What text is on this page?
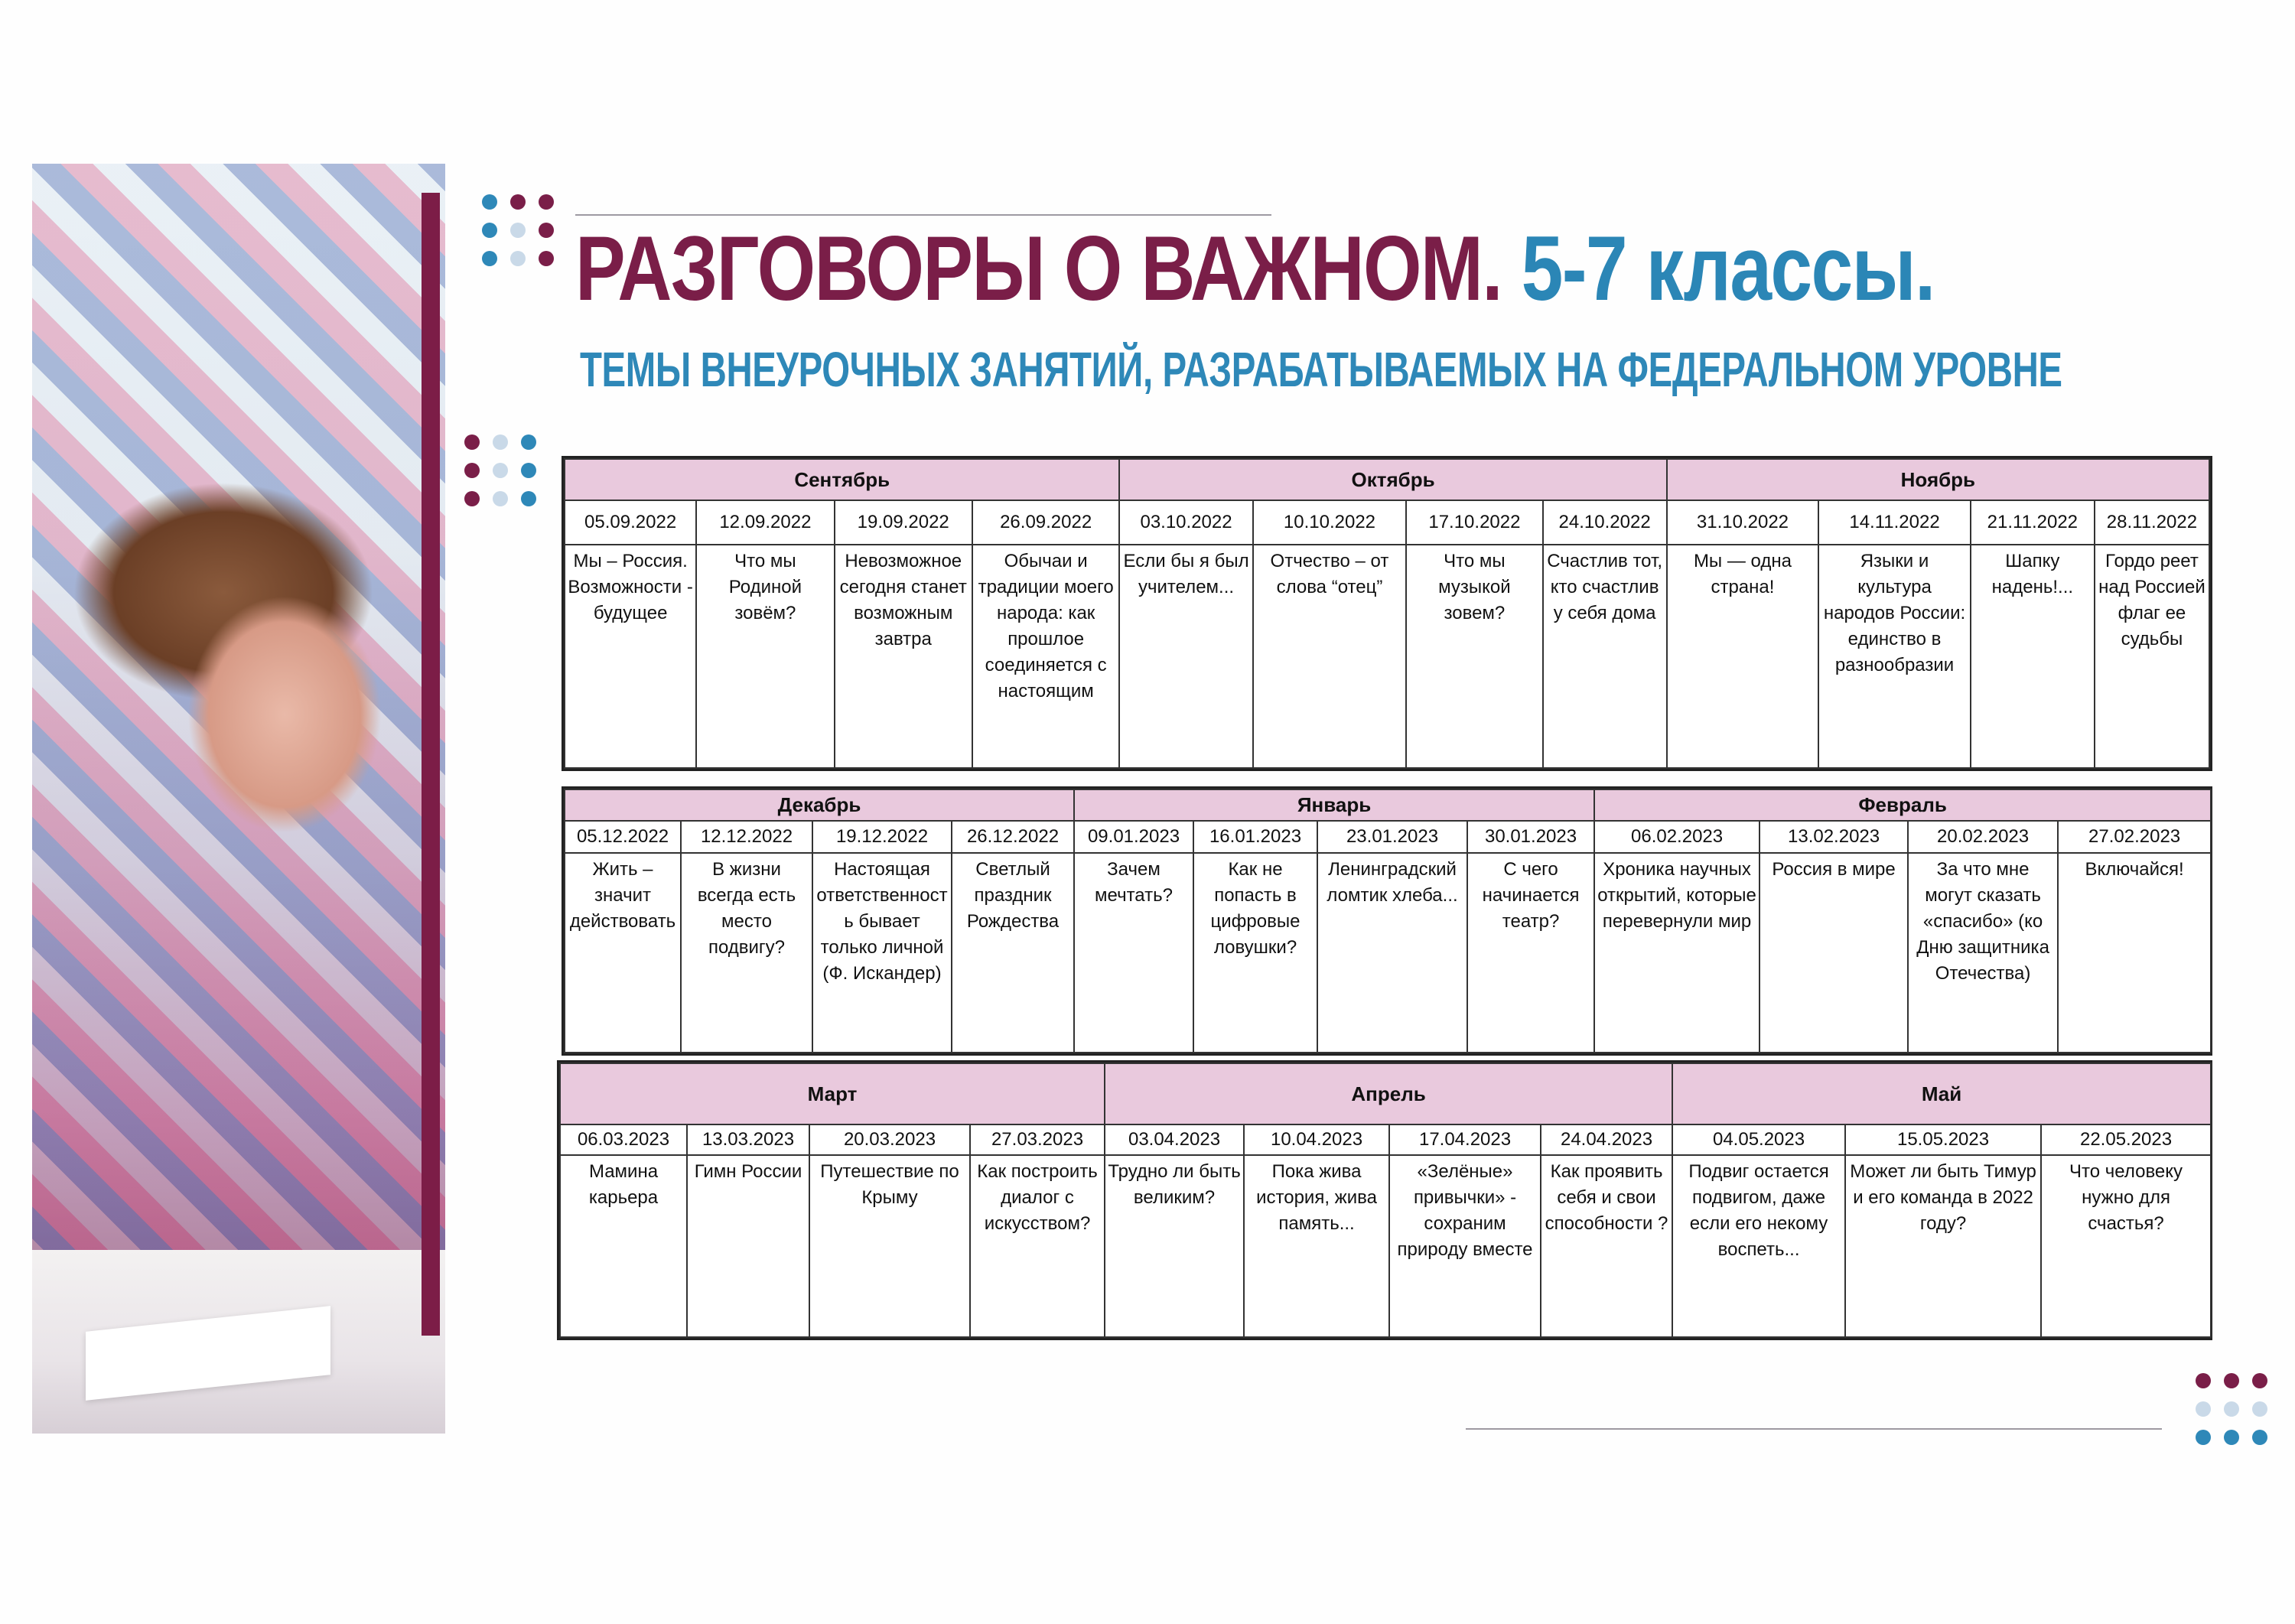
РАЗГОВОРЫ О ВАЖНОМ. 5-7 классы.
ТЕМЫ ВНЕУРОЧНЫХ ЗАНЯТИЙ, РАЗРАБАТЫВАЕМЫХ НА ФЕДЕРАЛЬНОМ УРОВНЕ
Сентябрь				Октябрь				Ноябрь			
05.09.2022	12.09.2022	19.09.2022	26.09.2022	03.10.2022	10.10.2022	17.10.2022	24.10.2022	31.10.2022	14.11.2022	21.11.2022	28.11.2022
Мы – Россия. Возможности - будущее	Что мы Родиной зовём?	Невозможное сегодня станет возможным завтра	Обычаи и традиции моего народа: как прошлое соединяется с настоящим	Если бы я был учителем...	Отчество – от слова “отец”	Что мы музыкой зовем?	Счастлив тот, кто счастлив у себя дома	Мы — одна страна!	Языки и культура народов России: единство в разнообразии	Шапку надень!...	Гордо реет над Россией флаг ее судьбы
Декабрь				Январь				Февраль			
05.12.2022	12.12.2022	19.12.2022	26.12.2022	09.01.2023	16.01.2023	23.01.2023	30.01.2023	06.02.2023	13.02.2023	20.02.2023	27.02.2023
Жить – значит действовать	В жизни всегда есть место подвигу?	Настоящая ответственность бывает только личной (Ф. Искандер)	Светлый праздник Рождества	Зачем мечтать?	Как не попасть в цифровые ловушки?	Ленинградский ломтик хлеба...	С чего начинается театр?	Хроника научных открытий, которые перевернули мир	Россия в мире	За что мне могут сказать «спасибо» (ко Дню защитника Отечества)	Включайся!
Март				Апрель				Май		
06.03.2023	13.03.2023	20.03.2023	27.03.2023	03.04.2023	10.04.2023	17.04.2023	24.04.2023	04.05.2023	15.05.2023	22.05.2023
Мамина карьера	Гимн России	Путешествие по Крыму	Как построить диалог с искусством?	Трудно ли быть великим?	Пока жива история, жива память...	«Зелёные» привычки» - сохраним природу вместе	Как проявить себя и свои способности ?	Подвиг остается подвигом, даже если его некому воспеть...	Может ли быть Тимур и его команда в 2022 году?	Что человеку нужно для счастья?
